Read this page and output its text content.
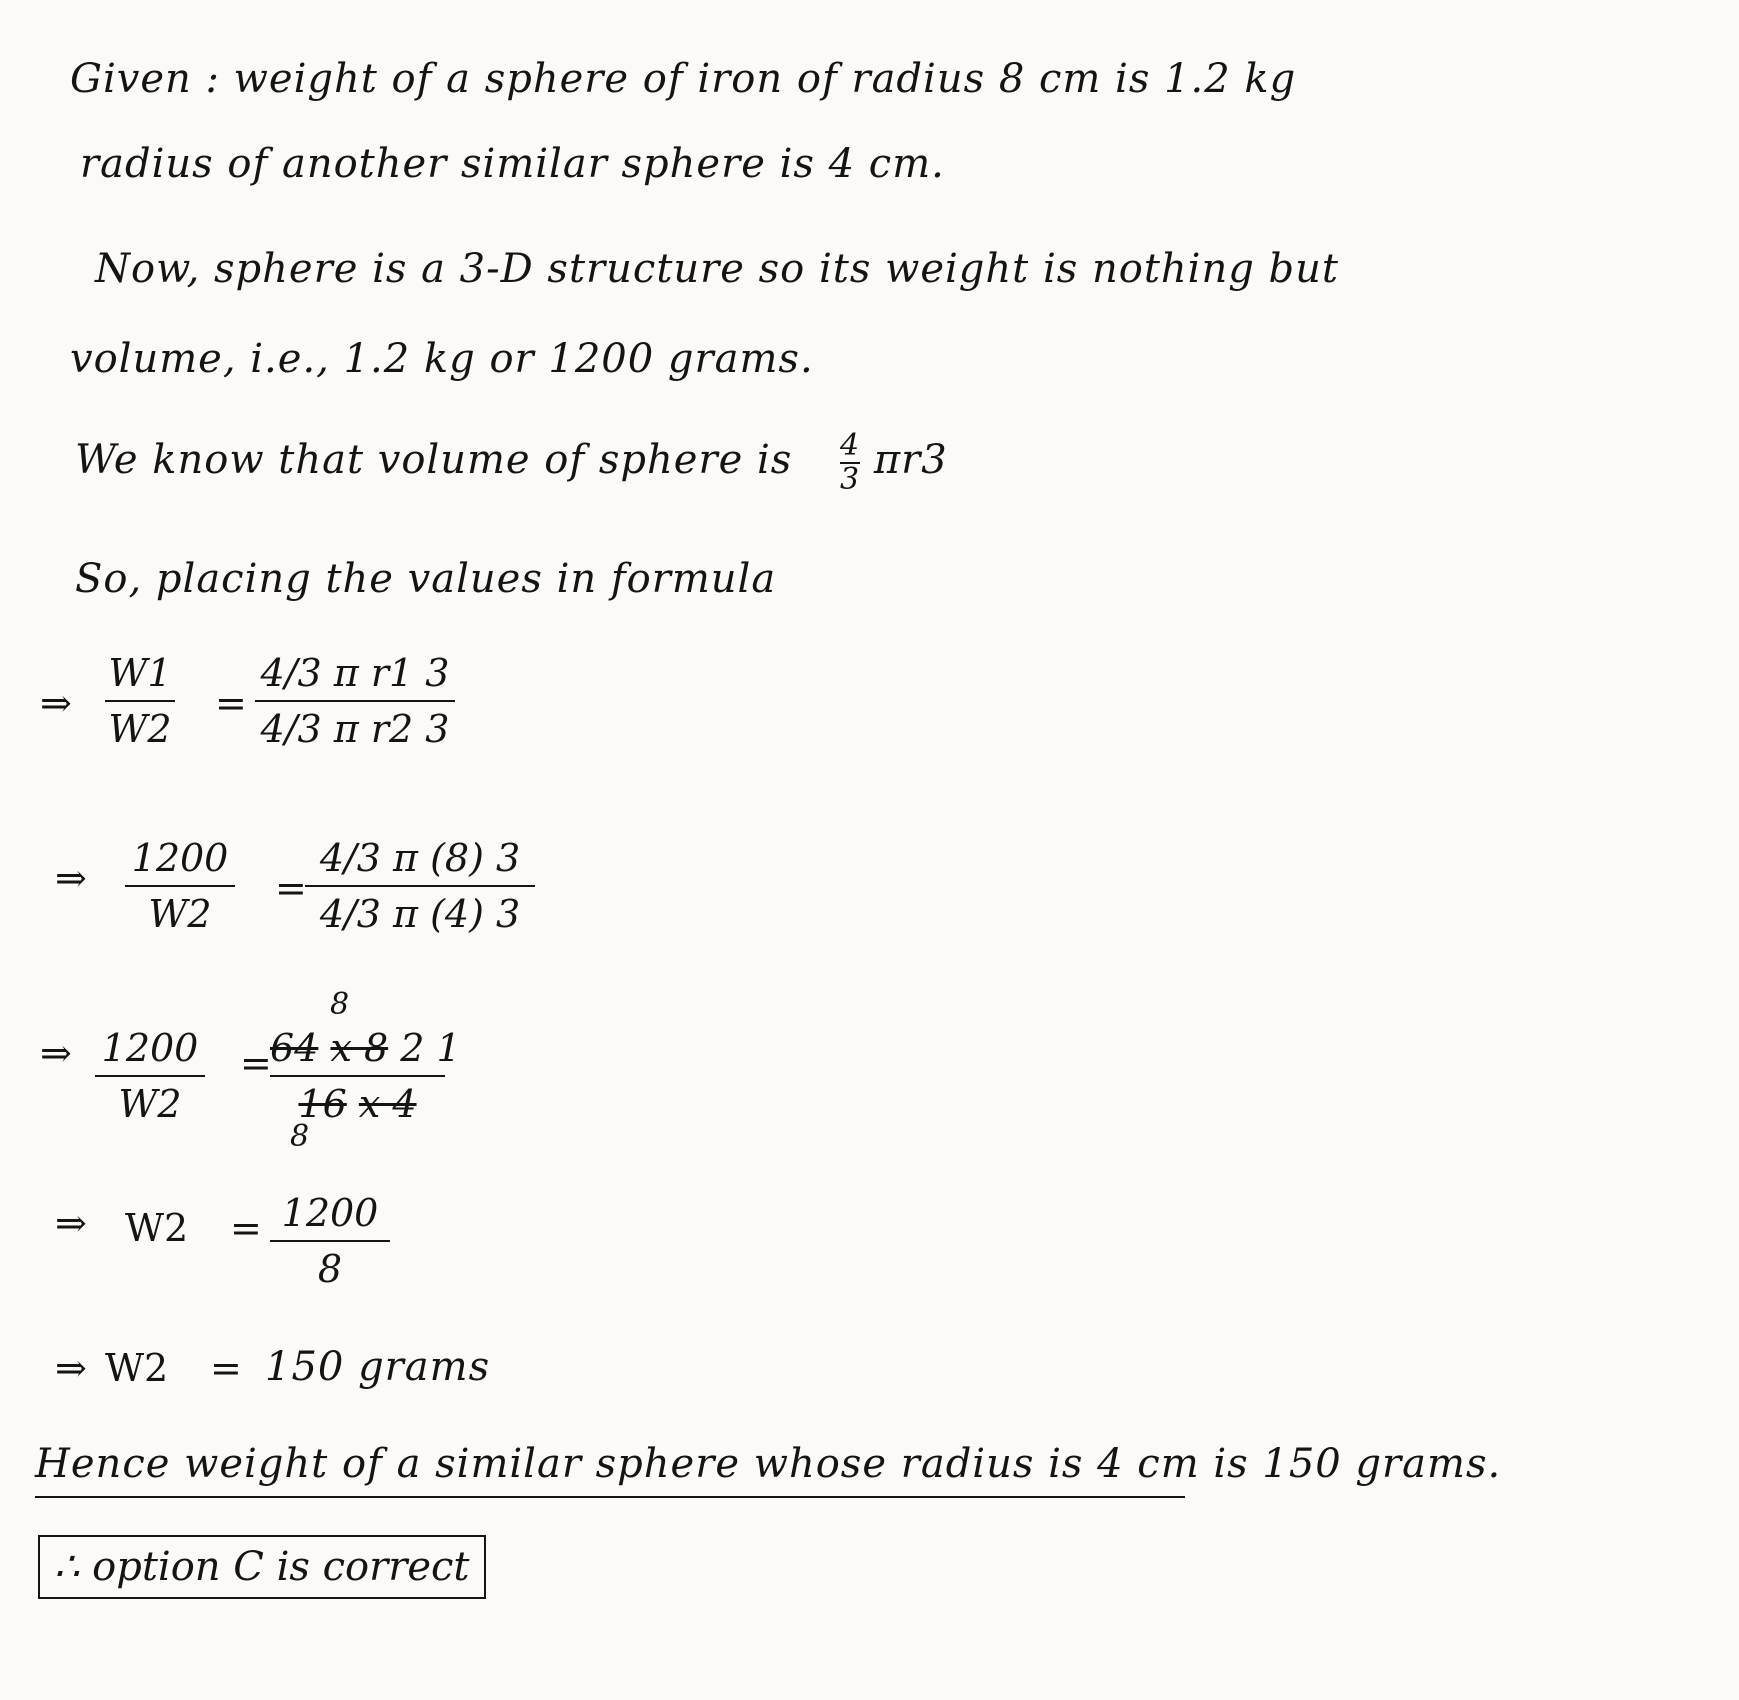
Given : weight of a sphere of iron of radius 8 cm is 1.2 kg
radius of another similar sphere is 4 cm.
Now, sphere is a 3-D structure so its weight is nothing but
volume, i.e., 1.2 kg or 1200 grams.
We know that volume of sphere is $\frac{4}{3} \pi r3$
So, placing the values in formula
⇒
W1
W2
=
4/3 π r1 3
4/3 π r2 3
⇒ 1200
W2
=
4/3 π (8) 3
4/3 π (4) 3
⇒ 1200
W2
=
8
64 x 8 2 1
16 x 4
8
⇒ W2 = 1200
8
⇒ W2 = 150 grams
Hence weight of a similar sphere whose radius is 4 cm is 150 grams.
∴ option C is correct
